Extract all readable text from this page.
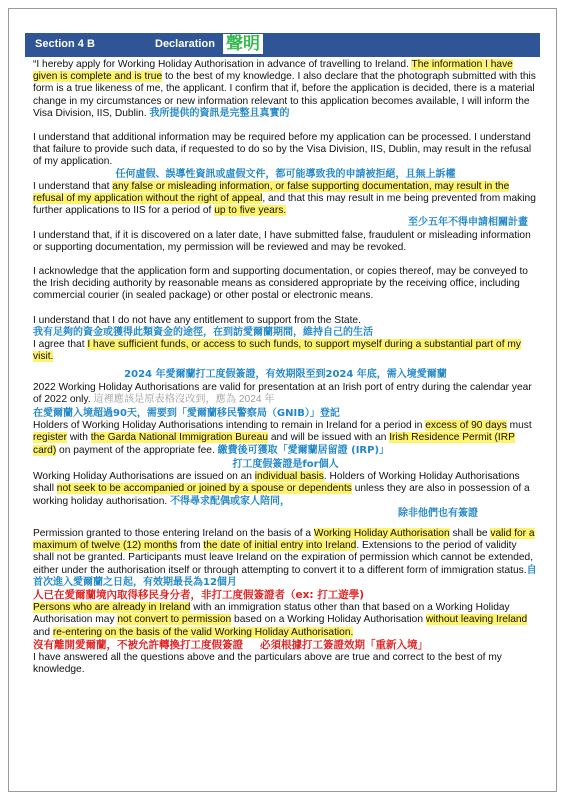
Section 4 B	Declaration 聲明

“I hereby apply for Working Holiday Authorisation in advance of travelling to Ireland. The information I have given is complete and is true to the best of my knowledge. I also declare that the photograph submitted with this form is a true likeness of me, the applicant. I confirm that if, before the application is decided, there is a material change in my circumstances or new information relevant to this application becomes available, I will inform the Visa Division, IIS, Dublin. 我所提供的資訊是完整且真實的

I understand that additional information may be required before my application can be processed. I understand that failure to provide such data, if requested to do so by the Visa Division, IIS, Dublin, may result in the refusal of my application.

任何虛假、誤導性資訊或虛假文件，都可能導致我的申請被拒絕，且無上訴權

I understand that any false or misleading information, or false supporting documentation, may result in the refusal of my application without the right of appeal, and that this may result in me being prevented from making further applications to IIS for a period of up to five years.

至少五年不得申請相關計畫

I understand that, if it is discovered on a later date, I have submitted false, fraudulent or misleading information or supporting documentation, my permission will be reviewed and may be revoked.

I acknowledge that the application form and supporting documentation, or copies thereof, may be conveyed to the Irish deciding authority by reasonable means as considered appropriate by the receiving office, including commercial courier (in sealed package) or other postal or electronic means.

I understand that I do not have any entitlement to support from the State.

我有足夠的資金或獲得此類資金的途徑，在到訪愛爾蘭期間，維持自己的生活

I agree that I have sufficient funds, or access to such funds, to support myself during a substantial part of my visit.

2024 年愛爾蘭打工度假簽證，有效期限至到2024 年底，需入境愛爾蘭

2022 Working Holiday Authorisations are valid for presentation at an Irish port of entry during the calendar year of 2022 only. 這裡應該是原表格沒改到，應為 2024 年

在愛爾蘭入境超過90天，需要到「愛爾蘭移民警察局（GNIB）」登記

Holders of Working Holiday Authorisations intending to remain in Ireland for a period in excess of 90 days must register with the Garda National Immigration Bureau and will be issued with an Irish Residence Permit (IRP card) on payment of the appropriate fee. 繳費後可獲取「愛爾蘭居留證 (IRP)」

打工度假簽證是for個人

Working Holiday Authorisations are issued on an individual basis. Holders of Working Holiday Authorisations shall not seek to be accompanied or joined by a spouse or dependents unless they are also in possession of a working holiday authorisation. 不得尋求配偶或家人陪同，

除非他們也有簽證

Permission granted to those entering Ireland on the basis of a Working Holiday Authorisation shall be valid for a maximum of twelve (12) months from the date of initial entry into Ireland. Extensions to the period of validity shall not be granted. Participants must leave Ireland on the expiration of permission which cannot be extended, either under the authorisation itself or through attempting to convert it to a different form of immigration status.自首次進入愛爾蘭之日起，有效期最長為12個月

人已在愛爾蘭境內取得移民身分者，非打工度假簽證者（ex: 打工遊學)

Persons who are already in Ireland with an immigration status other than that based on a Working Holiday Authorisation may not convert to permission based on a Working Holiday Authorisation without leaving Ireland and re-entering on the basis of the valid Working Holiday Authorisation.

沒有離開愛爾蘭，不被允許轉換打工度假簽證 必須根據打工簽證效期「重新入境」

I have answered all the questions above and the particulars above are true and correct to the best of my knowledge.
